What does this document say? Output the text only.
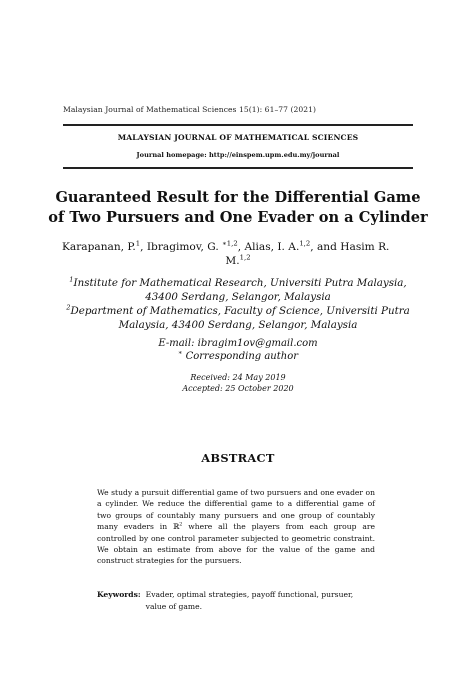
Malaysian Journal of Mathematical Sciences 15(1): 61–77 (2021)
MALAYSIAN JOURNAL OF MATHEMATICAL SCIENCES
Journal homepage: http://einspem.upm.edu.my/journal
Guaranteed Result for the Differential Game of Two Pursuers and One Evader on a Cylinder
Karapanan, P.$^1$, Ibragimov, G. $^{∗1,2}$, Alias, I. A.$^{1,2}$, and Hasim R.
M.$^{1,2}$
$^1$Institute for Mathematical Research, Universiti Putra Malaysia,
43400 Serdang, Selangor, Malaysia
$^2$Department of Mathematics, Faculty of Science, Universiti Putra
Malaysia, 43400 Serdang, Selangor, Malaysia
E-mail: ibragim1ov@gmail.com
∗ Corresponding author
Received: 24 May 2019
Accepted: 25 October 2020
ABSTRACT
We study a pursuit differential game of two pursuers and one evader on a cylinder. We reduce the differential game to a differential game of two groups of countably many pursuers and one group of countably many evaders in ℝ$^2$ where all the players from each group are controlled by one control parameter subjected to geometric constraint. We obtain an estimate from above for the value of the game and construct strategies for the pursuers.
Keywords: Evader, optimal strategies, payoff functional, pursuer, value of game.
